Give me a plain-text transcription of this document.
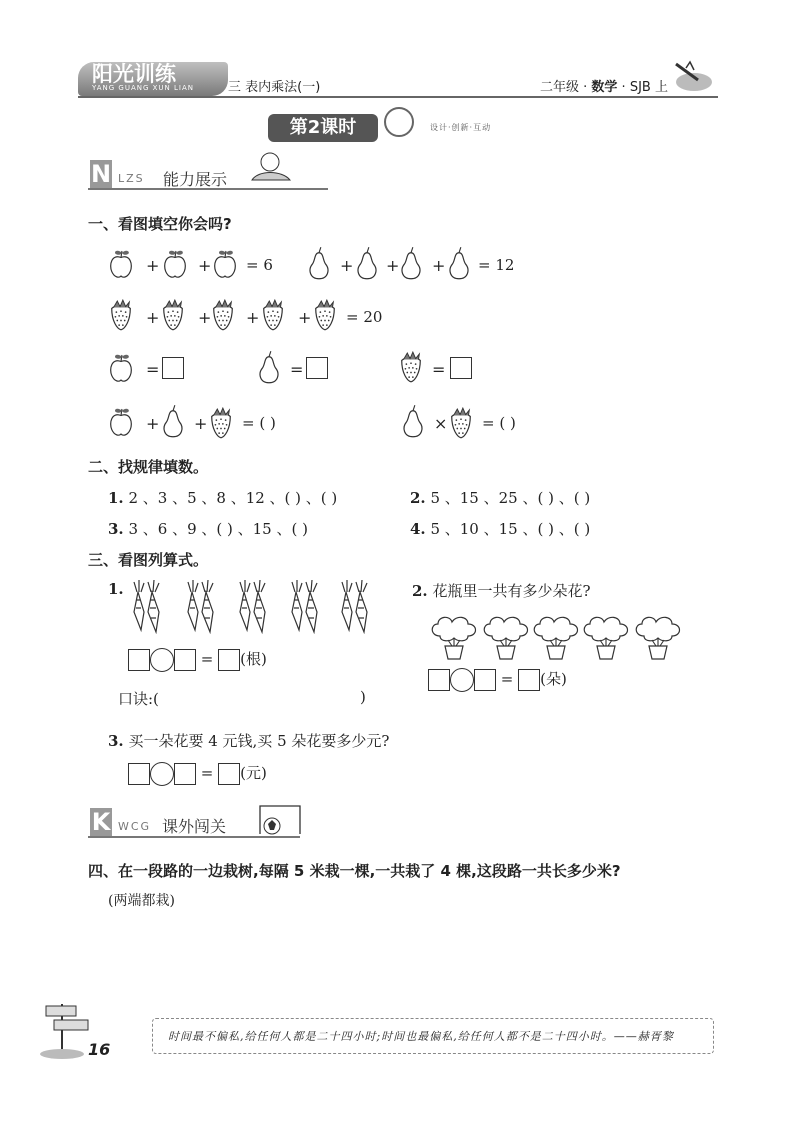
阳光训练
YANG GUANG XUN LIAN	三 表内乘法(一)	二年级 · 数学 · SJB 上
第2课时	设计·创新·互动
N LZS 能力展示
一、看图填空你会吗?
+ + = 6	+ + + = 12
+ + + + = 20
=	=	=
+ + = ( )	× = ( )
二、找规律填数。
1. 2 、3 、5 、8 、12 、( ) 、( )	2. 5 、15 、25 、( ) 、( )
3. 3 、6 、9 、( ) 、15 、( )	4. 5 、10 、15 、( ) 、( )
三、看图列算式。
1.
= (根)
口诀:(	)
2. 花瓶里一共有多少朵花?
= (朵)
3. 买一朵花要 4 元钱,买 5 朵花要多少元?
= (元)
K WCG 课外闯关
四、在一段路的一边栽树,每隔 5 米栽一棵,一共栽了 4 棵,这段路一共长多少米?
(两端都栽)
时间最不偏私,给任何人都是二十四小时;时间也最偏私,给任何人都不是二十四小时。——赫胥黎
16
